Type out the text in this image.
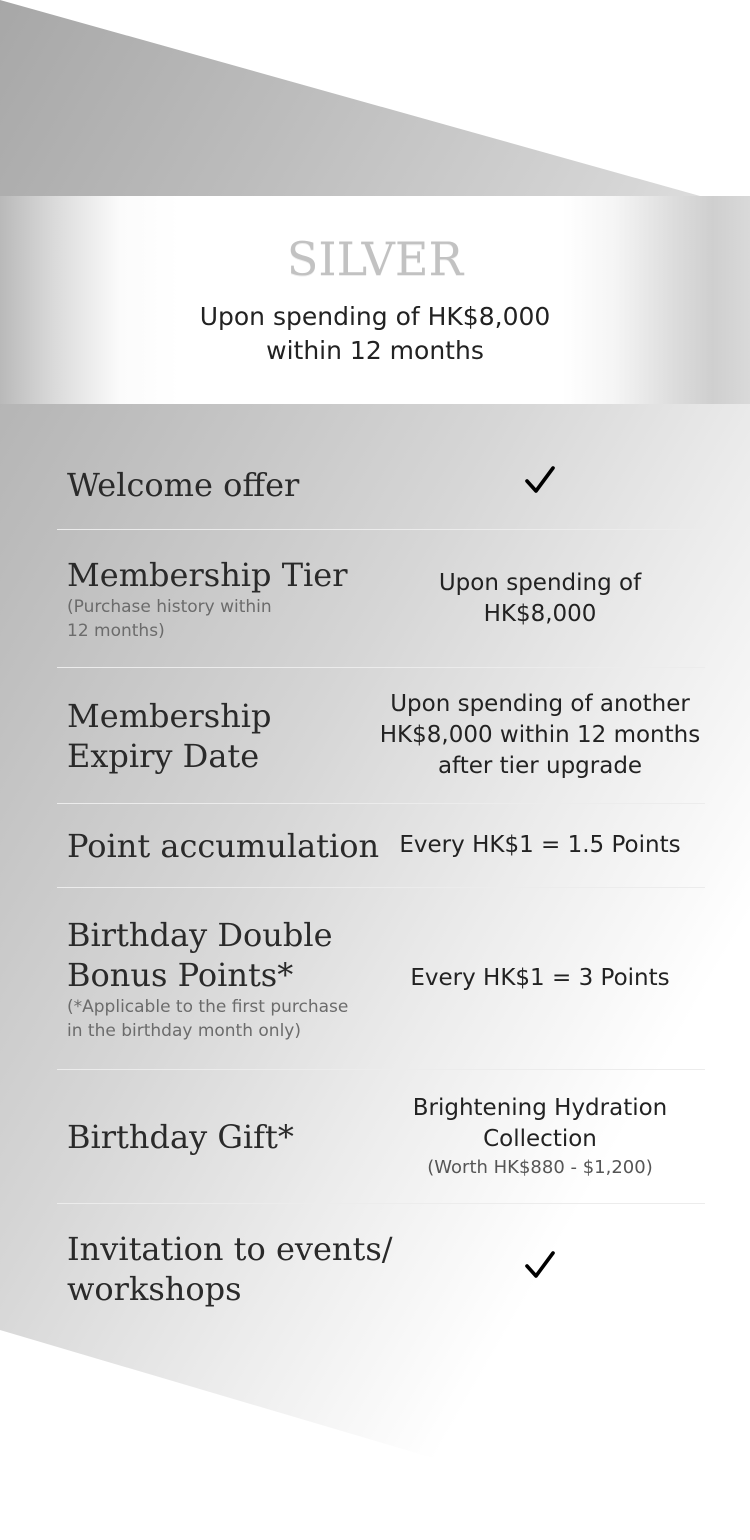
SILVER
Upon spending of HK$8,000
within 12 months
Welcome offer
Membership Tier
(Purchase history within
12 months)
Upon spending of
HK$8,000
Membership
Expiry Date
Upon spending of another
HK$8,000 within 12 months
after tier upgrade
Point accumulation Every HK$1 = 1.5 Points
Birthday Double
Bonus Points*
(*Applicable to the first purchase
in the birthday month only)
Every HK$1 = 3 Points
Birthday Gift*
Brightening Hydration
Collection
(Worth HK$880 - $1,200)
Invitation to events/
workshops
